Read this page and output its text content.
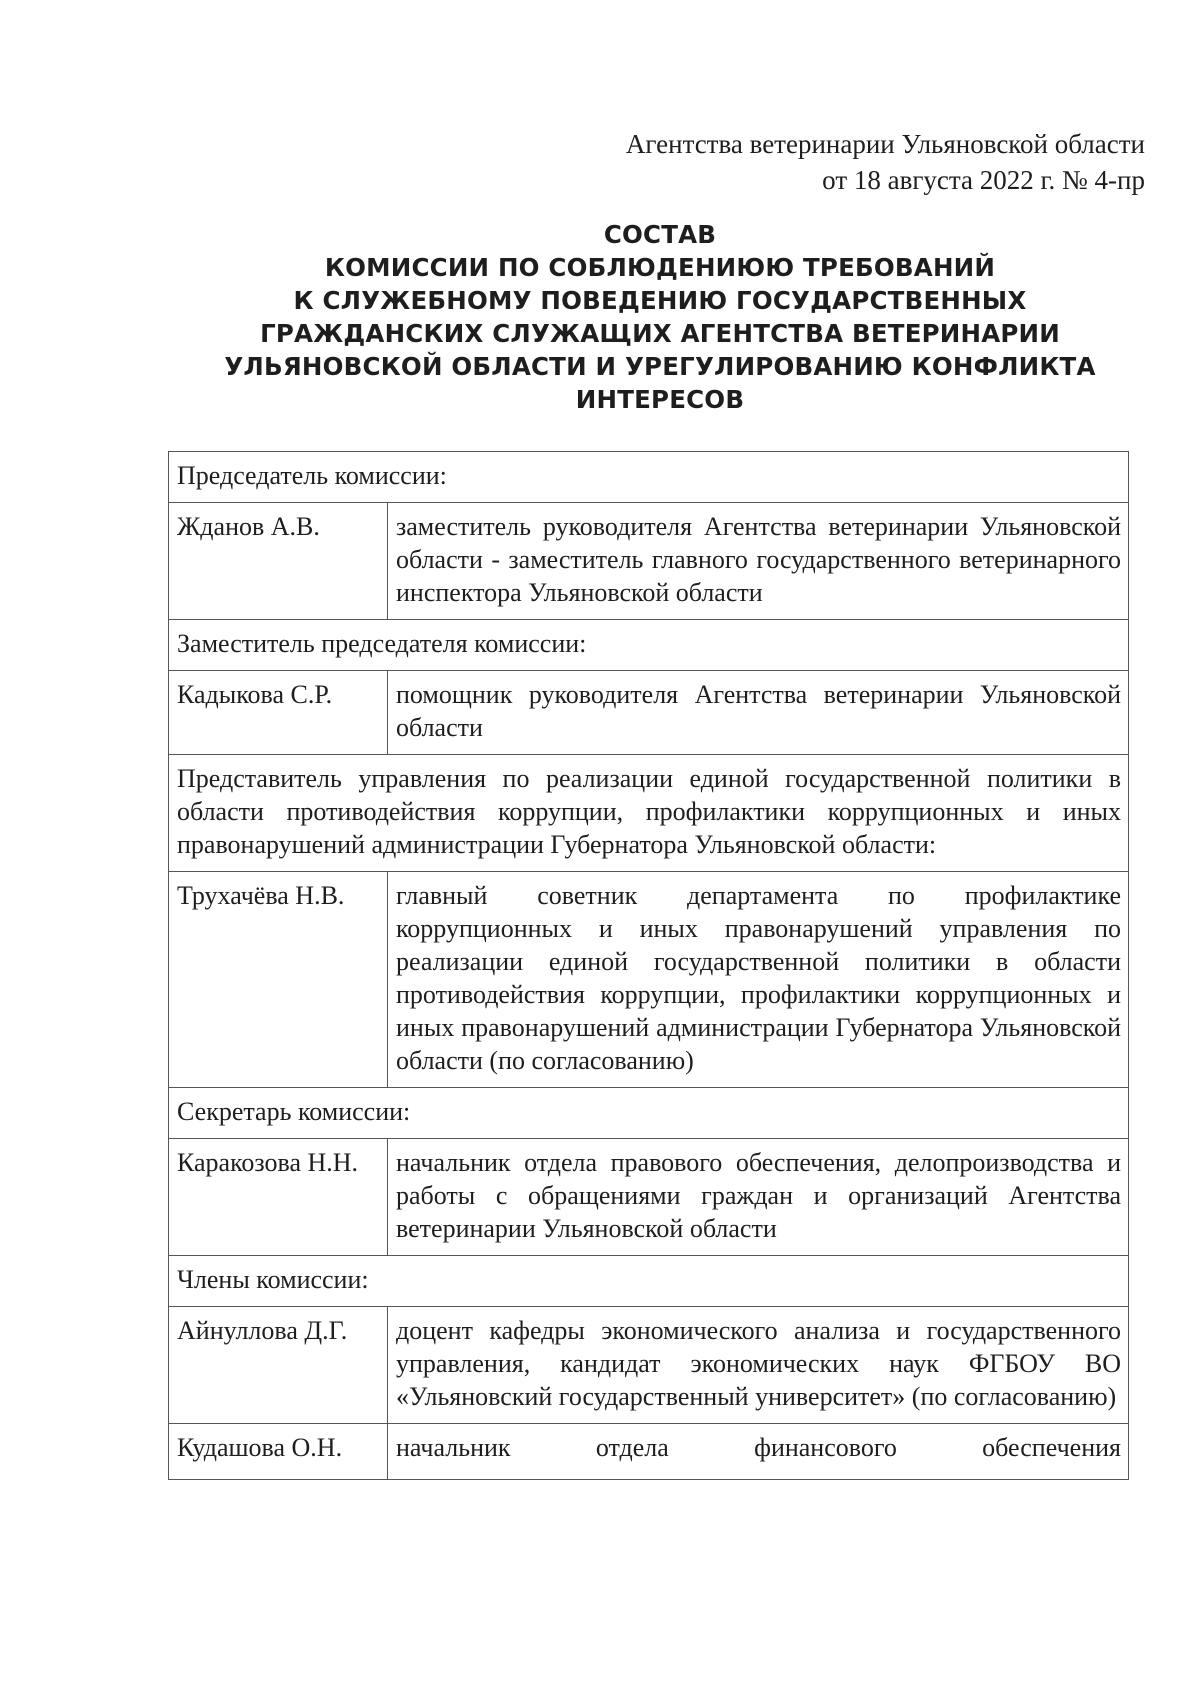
Агентства ветеринарии Ульяновской области
от 18 августа 2022 г. № 4-пр
СОСТАВ
КОМИССИИ ПО СОБЛЮДЕНИЮЮ ТРЕБОВАНИЙ
К СЛУЖЕБНОМУ ПОВЕДЕНИЮ ГОСУДАРСТВЕННЫХ
ГРАЖДАНСКИХ СЛУЖАЩИХ АГЕНТСТВА ВЕТЕРИНАРИИ
УЛЬЯНОВСКОЙ ОБЛАСТИ И УРЕГУЛИРОВАНИЮ КОНФЛИКТА
ИНТЕРЕСОВ
Председатель комиссии:	
Жданов А.В.	заместитель руководителя Агентства ветеринарии Ульяновской области - заместитель главного государственного ветеринарного инспектора Ульяновской области
Заместитель председателя комиссии:	
Кадыкова С.Р.	помощник руководителя Агентства ветеринарии Ульяновской области
Представитель управления по реализации единой государственной политики в области противодействия коррупции, профилактики коррупционных и иных правонарушений администрации Губернатора Ульяновской области:	
Трухачёва Н.В.	главный советник департамента по профилактике коррупционных и иных правонарушений управления по реализации единой государственной политики в области противодействия коррупции, профилактики коррупционных и иных правонарушений администрации Губернатора Ульяновской области (по согласованию)
Секретарь комиссии:	
Каракозова Н.Н.	начальник отдела правового обеспечения, делопроизводства и работы с обращениями граждан и организаций Агентства ветеринарии Ульяновской области
Члены комиссии:	
Айнуллова Д.Г.	доцент кафедры экономического анализа и государственного управления, кандидат экономических наук ФГБОУ ВО «Ульяновский государственный университет» (по согласованию)
Кудашова О.Н.	начальник отдела финансового обеспечения
